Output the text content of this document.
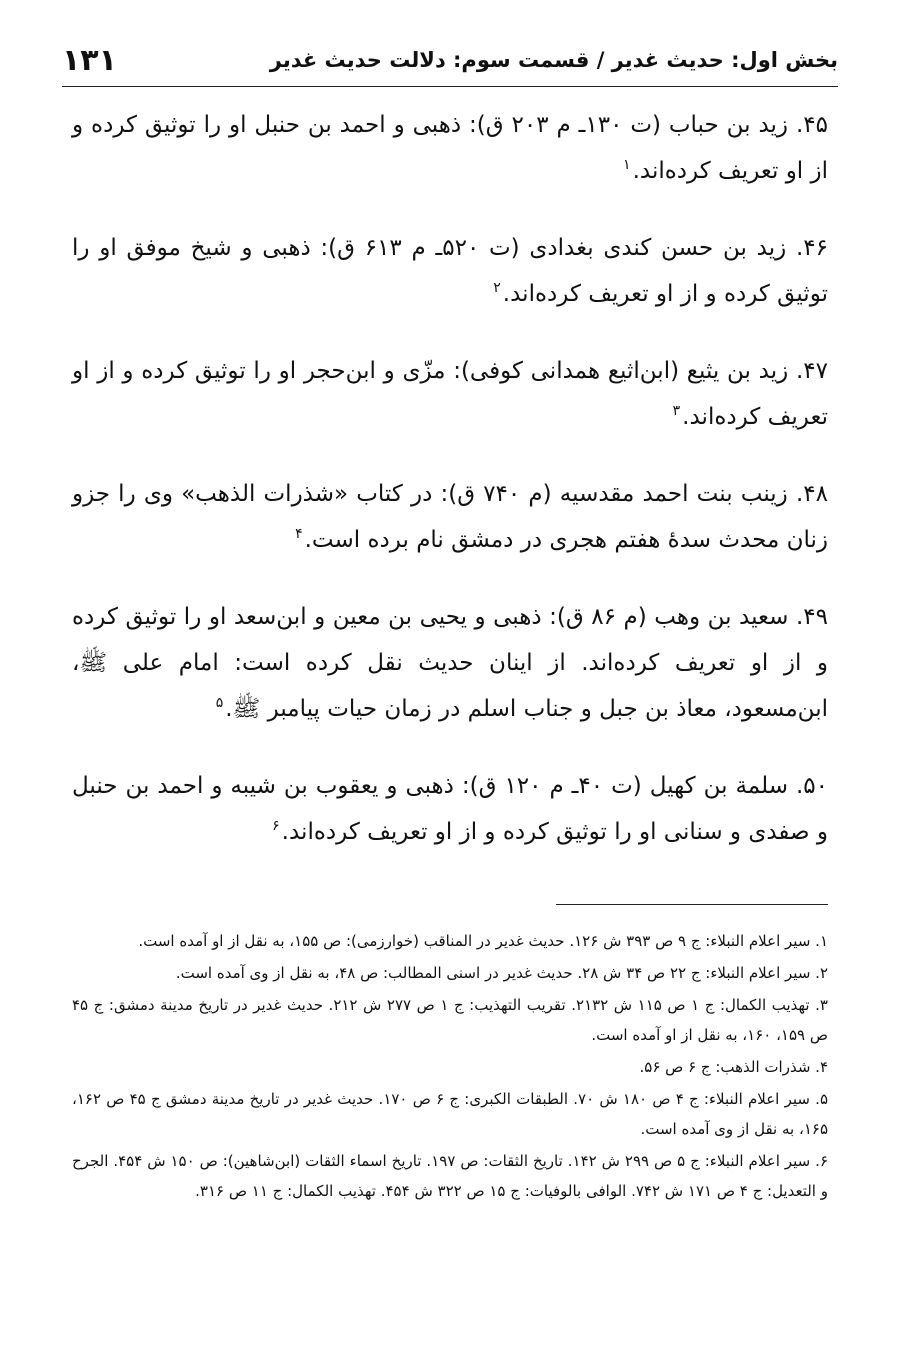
بخش اول: حدیث غدیر / قسمت سوم: دلالت حدیث غدیر
۱۳۱

۴۵. زید بن حباب (ت ۱۳۰ـ م ۲۰۳ ق): ذهبی و احمد بن حنبل او را توثیق کرده و از او تعریف کرده‌اند.$^۱$

۴۶. زید بن حسن کندی بغدادی (ت ۵۲۰ـ م ۶۱۳ ق): ذهبی و شیخ موفق او را توثیق کرده و از او تعریف کرده‌اند.$^۲$

۴۷. زید بن یثیع (ابن‌اثیع همدانی کوفی): مزّی و ابن‌حجر او را توثیق کرده و از او تعریف کرده‌اند.$^۳$

۴۸. زینب بنت احمد مقدسیه (م ۷۴۰ ق): در کتاب «شذرات الذهب» وی را جزو زنان محدث سدهٔ هفتم هجری در دمشق نام برده است.$^۴$

۴۹. سعید بن وهب (م ۸۶ ق): ذهبی و یحیی بن معین و ابن‌سعد او را توثیق کرده و از او تعریف کرده‌اند. از اینان حدیث نقل کرده است: امام علی ﷺ، ابن‌مسعود، معاذ بن جبل و جناب اسلم در زمان حیات پیامبر ﷺ.$^۵$

۵۰. سلمة بن کهیل (ت ۴۰ـ م ۱۲۰ ق): ذهبی و یعقوب بن شیبه و احمد بن حنبل و صفدی و سنانی او را توثیق کرده و از او تعریف کرده‌اند.$^۶$

۱. سیر اعلام النبلاء: ج ۹ ص ۳۹۳ ش ۱۲۶. حدیث غدیر در المناقب (خوارزمی): ص ۱۵۵، به نقل از او آمده است.

۲. سیر اعلام النبلاء: ج ۲۲ ص ۳۴ ش ۲۸. حدیث غدیر در اسنی المطالب: ص ۴۸، به نقل از وی آمده است.

۳. تهذیب الکمال: ج ۱ ص ۱۱۵ ش ۲۱۳۲. تقریب التهذیب: ج ۱ ص ۲۷۷ ش ۲۱۲. حدیث غدیر در تاریخ مدینة دمشق: ج ۴۵ ص ۱۵۹، ۱۶۰، به نقل از او آمده است.

۴. شذرات الذهب: ج ۶ ص ۵۶.

۵. سیر اعلام النبلاء: ج ۴ ص ۱۸۰ ش ۷۰. الطبقات الکبری: ج ۶ ص ۱۷۰. حدیث غدیر در تاریخ مدینة دمشق ج ۴۵ ص ۱۶۲، ۱۶۵، به نقل از وی آمده است.

۶. سیر اعلام النبلاء: ج ۵ ص ۲۹۹ ش ۱۴۲. تاریخ الثقات: ص ۱۹۷. تاریخ اسماء الثقات (ابن‌شاهین): ص ۱۵۰ ش ۴۵۴. الجرح و التعدیل: ج ۴ ص ۱۷۱ ش ۷۴۲. الوافی بالوفیات: ج ۱۵ ص ۳۲۲ ش ۴۵۴. تهذیب الکمال: ج ۱۱ ص ۳۱۶.
